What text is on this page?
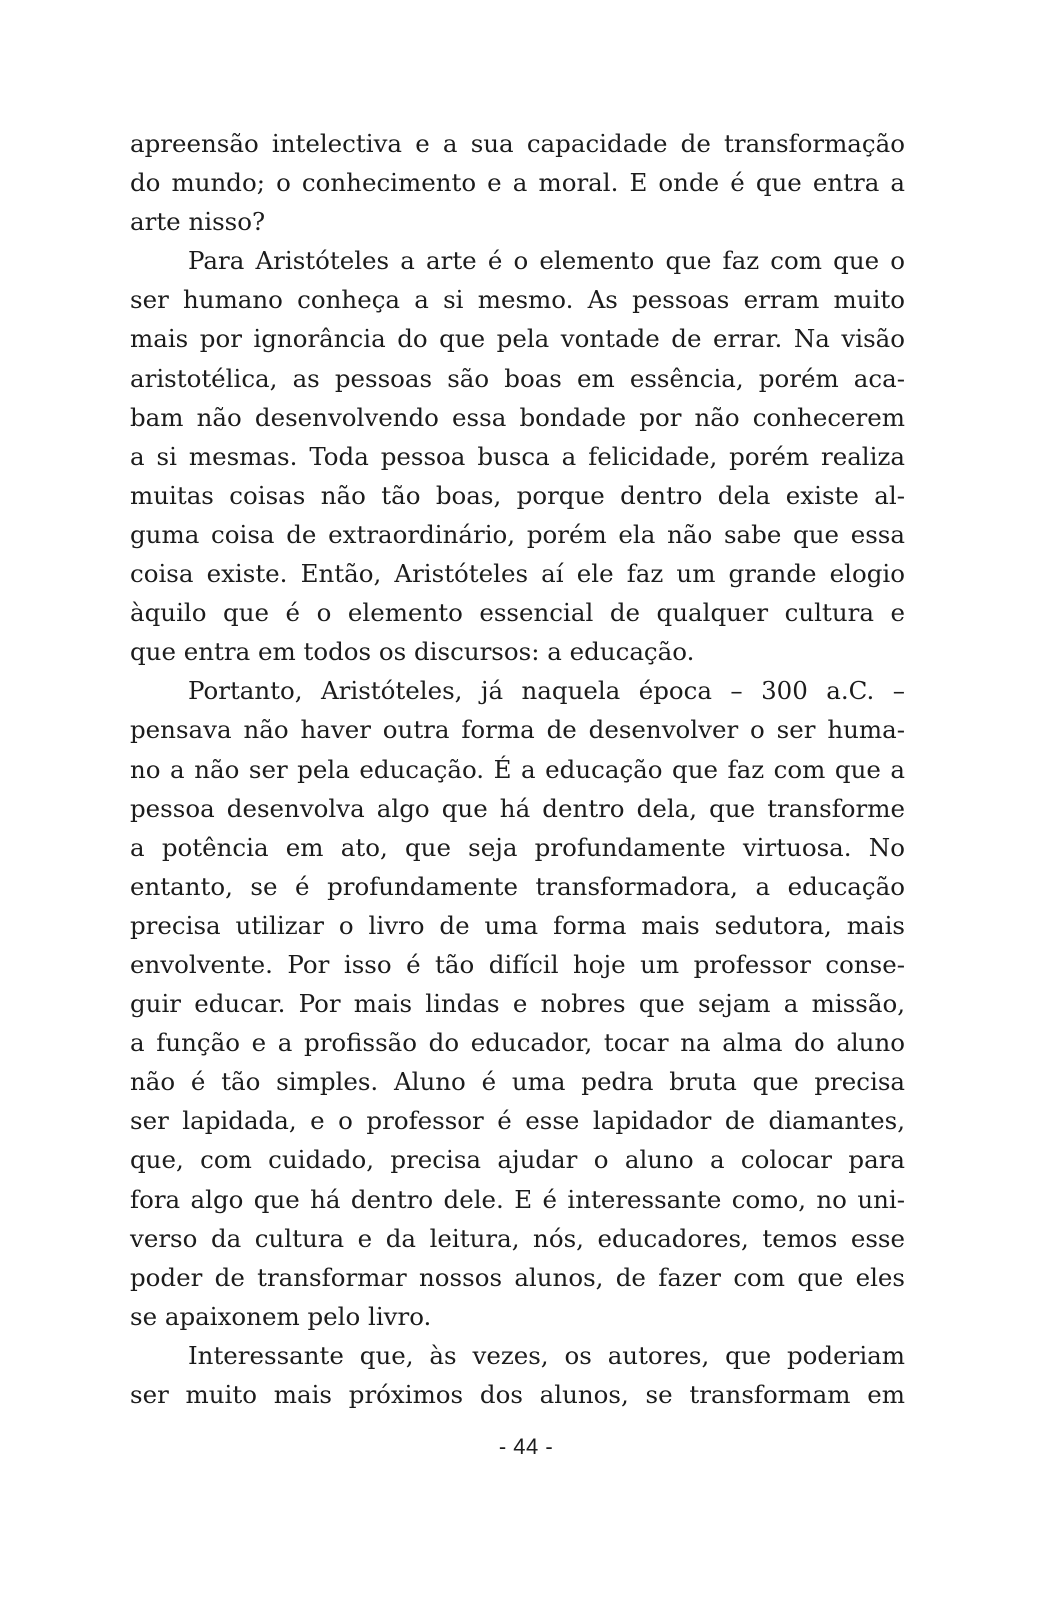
apreensão intelectiva e a sua capacidade de transformação
do mundo; o conhecimento e a moral. E onde é que entra a
arte nisso?
Para Aristóteles a arte é o elemento que faz com que o
ser humano conheça a si mesmo. As pessoas erram muito
mais por ignorância do que pela vontade de errar. Na visão
aristotélica, as pessoas são boas em essência, porém aca-
bam não desenvolvendo essa bondade por não conhecerem
a si mesmas. Toda pessoa busca a felicidade, porém realiza
muitas coisas não tão boas, porque dentro dela existe al-
guma coisa de extraordinário, porém ela não sabe que essa
coisa existe. Então, Aristóteles aí ele faz um grande elogio
àquilo que é o elemento essencial de qualquer cultura e
que entra em todos os discursos: a educação.
Portanto, Aristóteles, já naquela época – 300 a.C. –
pensava não haver outra forma de desenvolver o ser huma-
no a não ser pela educação. É a educação que faz com que a
pessoa desenvolva algo que há dentro dela, que transforme
a potência em ato, que seja profundamente virtuosa. No
entanto, se é profundamente transformadora, a educação
precisa utilizar o livro de uma forma mais sedutora, mais
envolvente. Por isso é tão difícil hoje um professor conse-
guir educar. Por mais lindas e nobres que sejam a missão,
a função e a profissão do educador, tocar na alma do aluno
não é tão simples. Aluno é uma pedra bruta que precisa
ser lapidada, e o professor é esse lapidador de diamantes,
que, com cuidado, precisa ajudar o aluno a colocar para
fora algo que há dentro dele. E é interessante como, no uni-
verso da cultura e da leitura, nós, educadores, temos esse
poder de transformar nossos alunos, de fazer com que eles
se apaixonem pelo livro.
Interessante que, às vezes, os autores, que poderiam
ser muito mais próximos dos alunos, se transformam em
- 44 -
